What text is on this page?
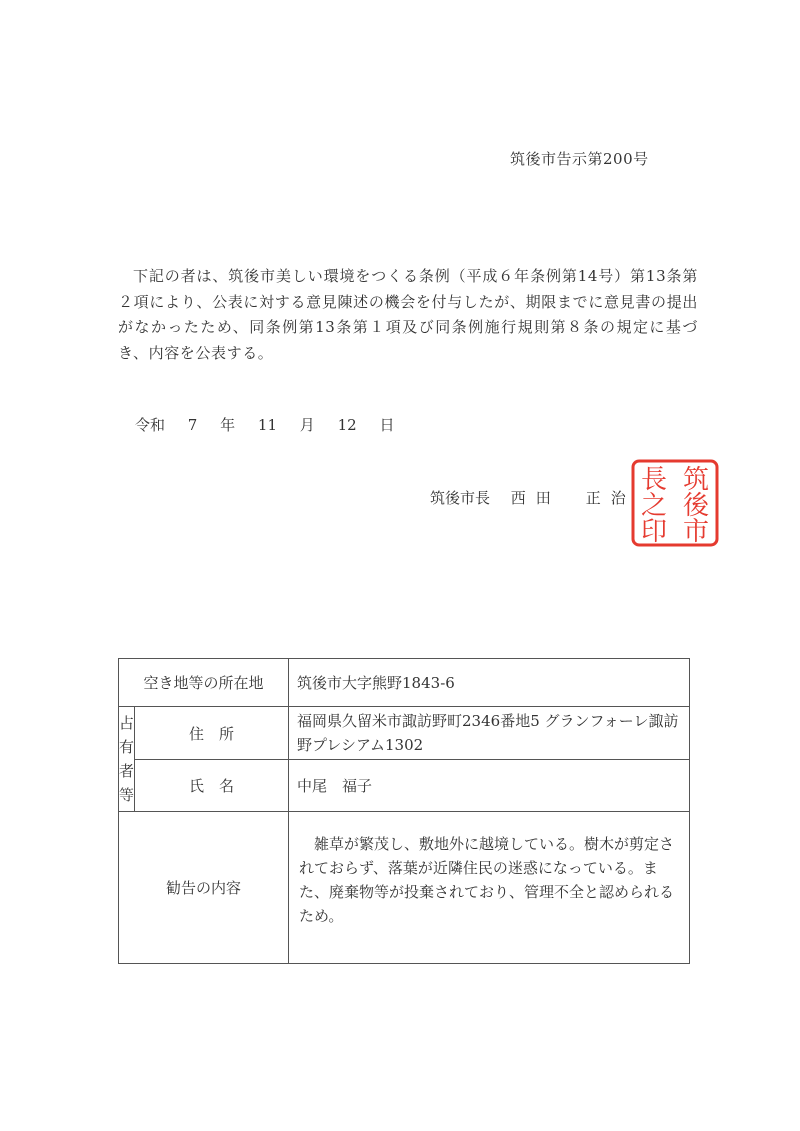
筑後市告示第200号
下記の者は、筑後市美しい環境をつくる条例（平成６年条例第14号）第13条第２項により、公表に対する意見陳述の機会を付与したが、期限までに意見書の提出がなかったため、同条例第13条第１項及び同条例施行規則第８条の規定に基づき、内容を公表する。
令和 7 年 11 月 12 日
筑後市長 西田　正治
筑
後
市
長
之
印
空き地等の所在地		筑後市大字熊野1843-6
占有者等	住　所	福岡県久留米市諏訪野町2346番地5 グランフォーレ諏訪野プレシアム1302
	氏　名	中尾　福子
勧告の内容		雑草が繁茂し、敷地外に越境している。樹木が剪定されておらず、落葉が近隣住民の迷惑になっている。また、廃棄物等が投棄されており、管理不全と認められるため。
